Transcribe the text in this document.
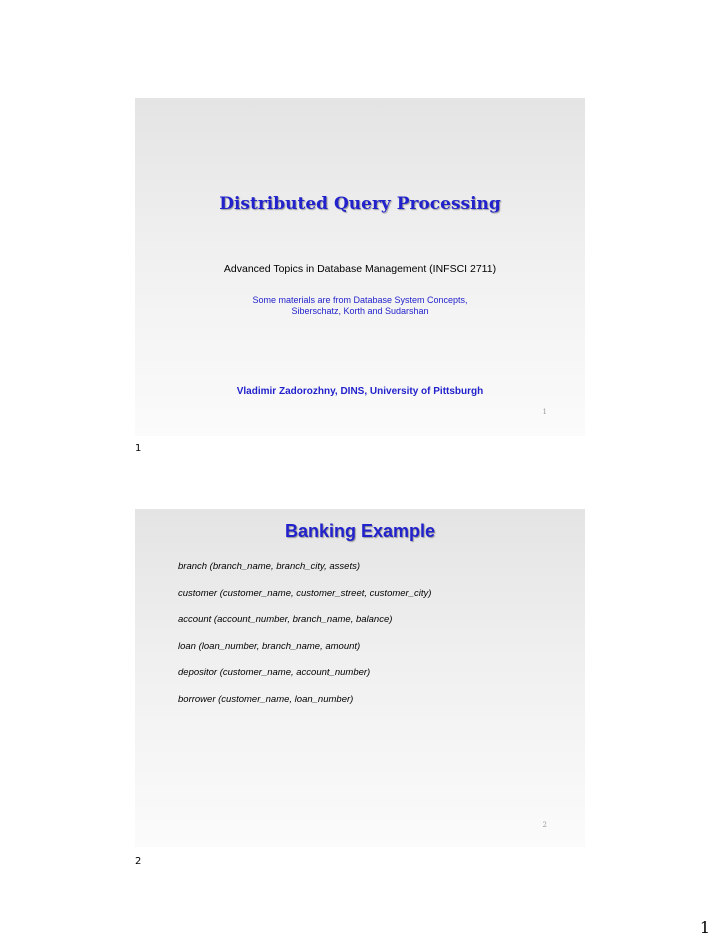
Distributed Query Processing
Advanced Topics in Database Management (INFSCI 2711)
Some materials are from Database System Concepts,
Siberschatz, Korth and Sudarshan
Vladimir Zadorozhny, DINS, University of Pittsburgh
1
1
Banking Example
branch (branch_name, branch_city, assets)
customer (customer_name, customer_street, customer_city)
account (account_number, branch_name, balance)
loan (loan_number, branch_name, amount)
depositor (customer_name, account_number)
borrower (customer_name, loan_number)
2
2
1
